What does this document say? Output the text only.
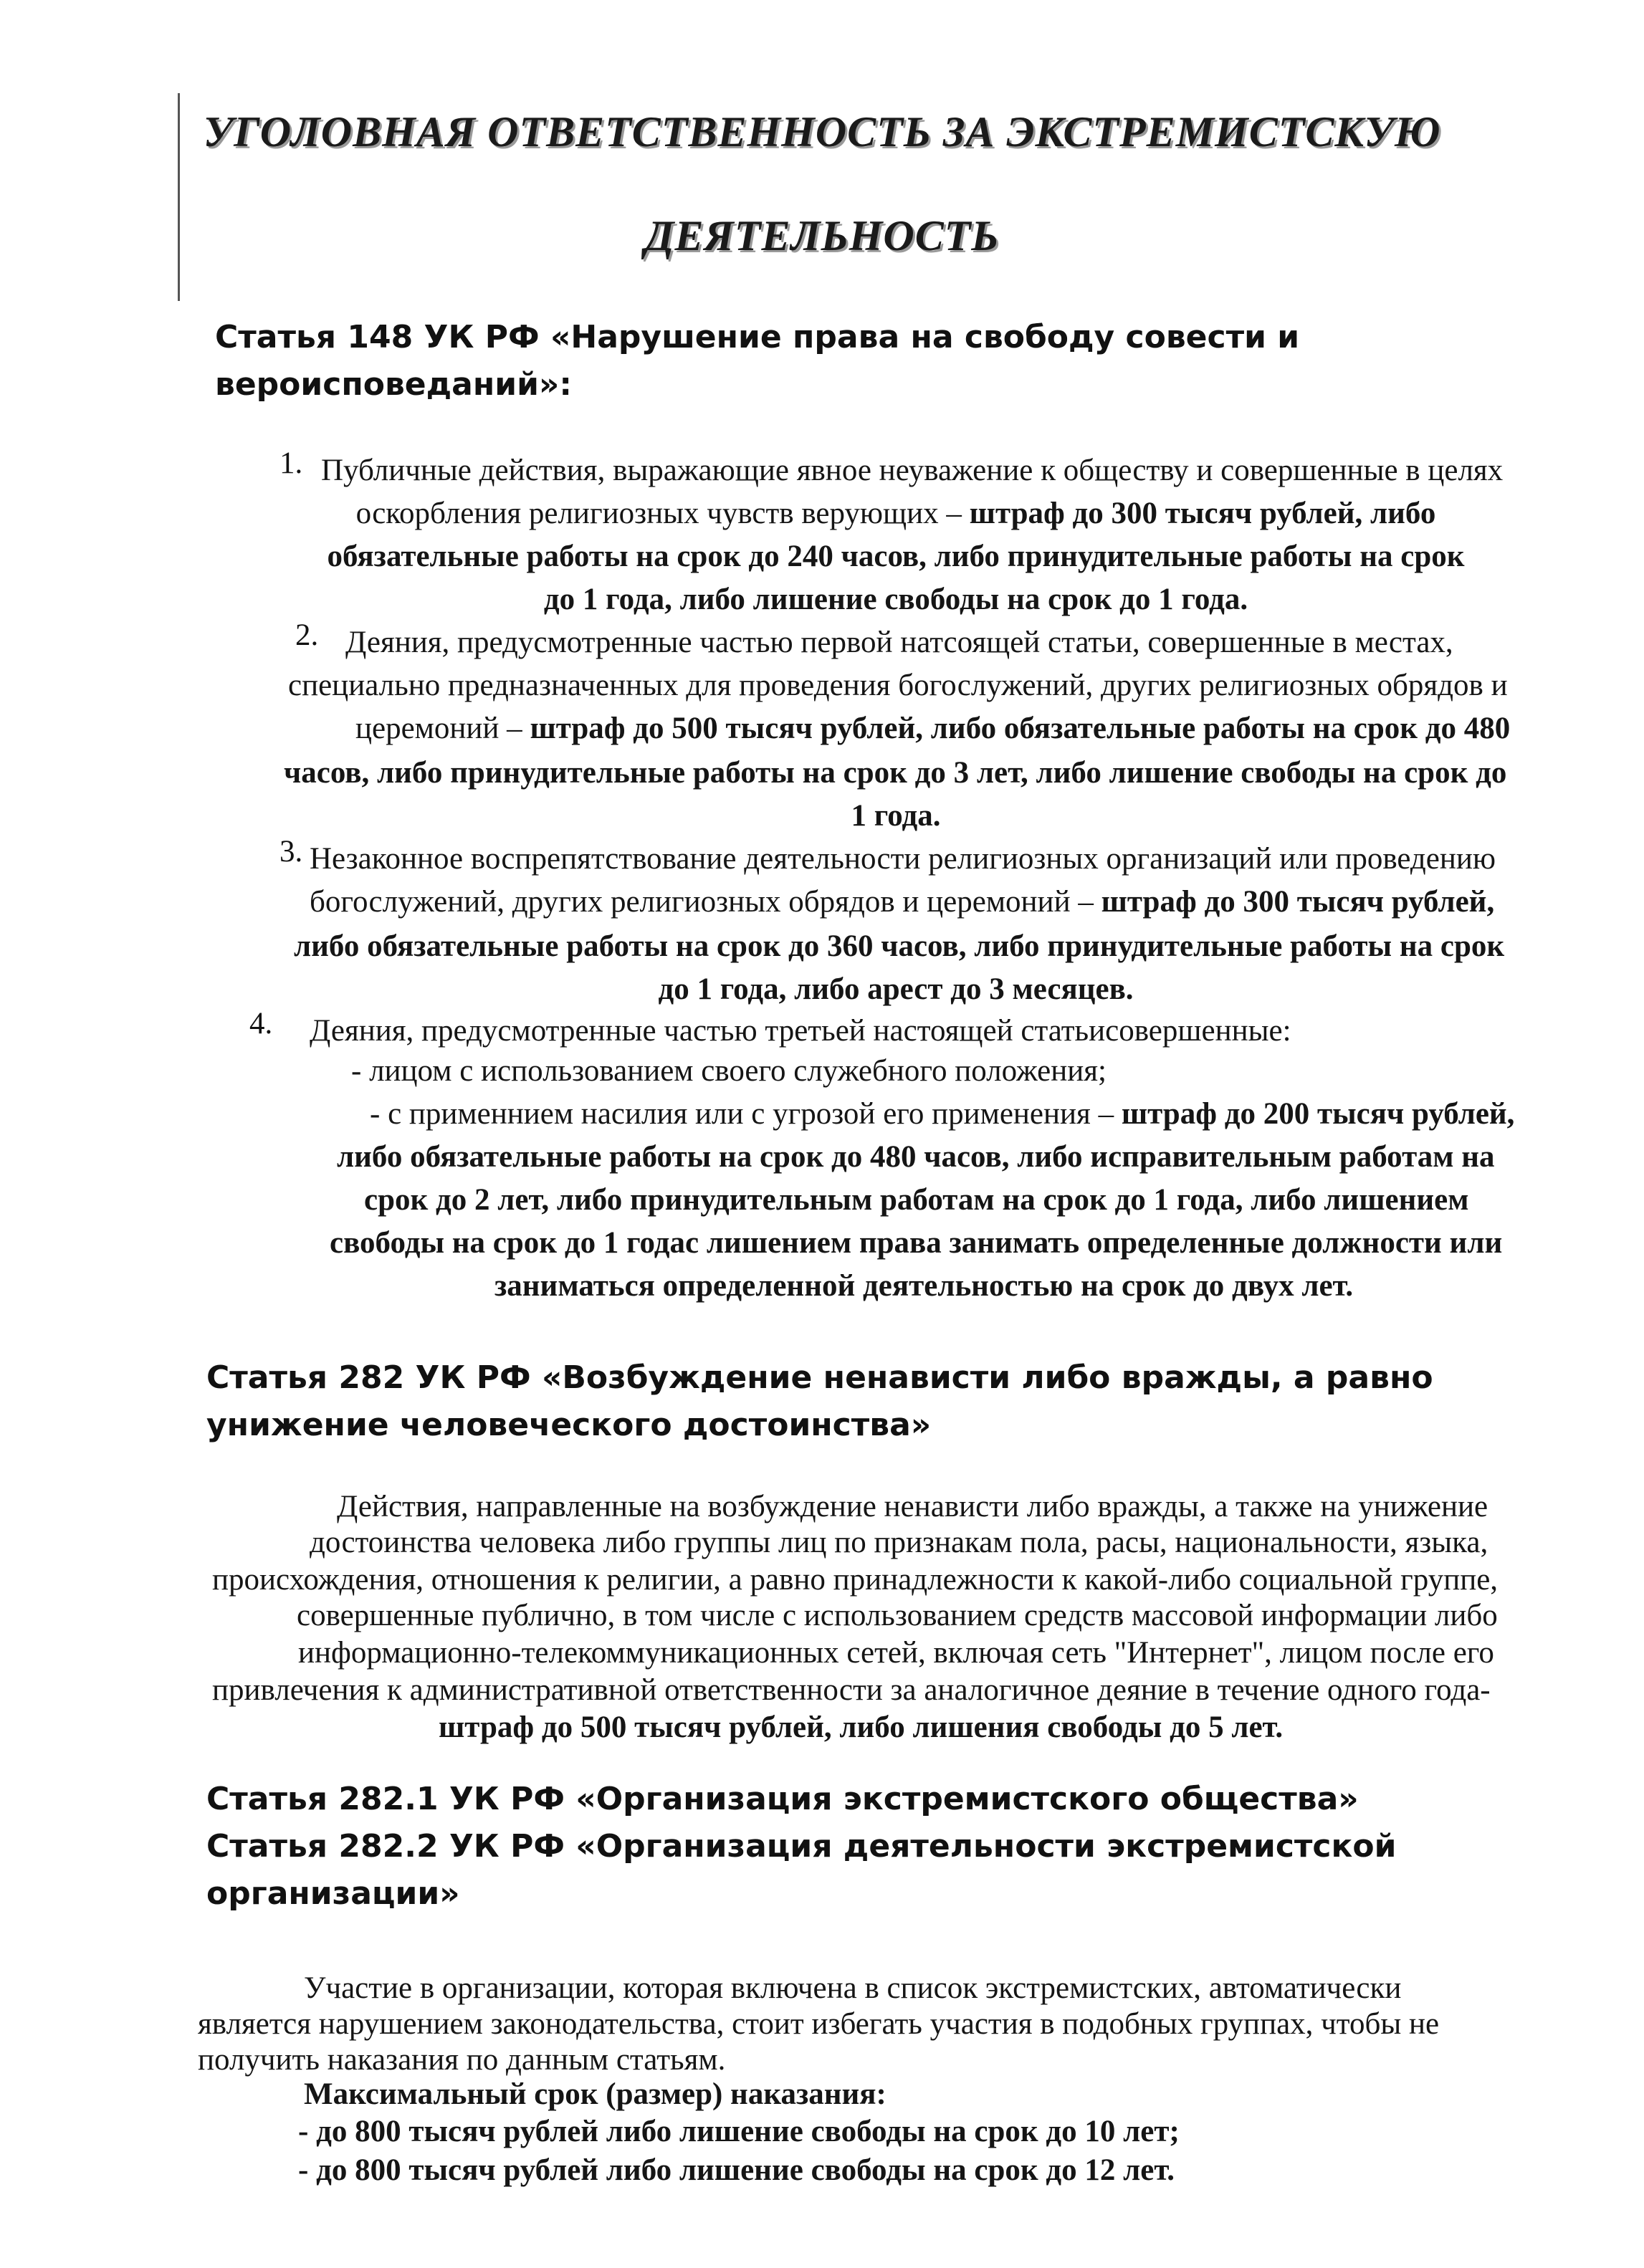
УГОЛОВНАЯ ОТВЕТСТВЕННОСТЬ ЗА ЭКСТРЕМИСТСКУЮ
ДЕЯТЕЛЬНОСТЬ
Статья 148 УК РФ «Нарушение права на свободу совести и
вероисповеданий»:
1. Публичные действия, выражающие явное неуважение к обществу и совершенные в целях
оскорбления религиозных чувств верующих – штраф до 300 тысяч рублей, либо
обязательные работы на срок до 240 часов, либо принудительные работы на срок
до 1 года, либо лишение свободы на срок до 1 года.
2. Деяния, предусмотренные частью первой натсоящей статьи, совершенные в местах,
специально предназначенных для проведения богослужений, других религиозных обрядов и
церемоний – штраф до 500 тысяч рублей, либо обязательные работы на срок до 480
часов, либо принудительные работы на срок до 3 лет, либо лишение свободы на срок до
1 года.
3. Незаконное воспрепятствование деятельности религиозных организаций или проведению
богослужений, других религиозных обрядов и церемоний – штраф до 300 тысяч рублей,
либо обязательные работы на срок до 360 часов, либо принудительные работы на срок
до 1 года, либо арест до 3 месяцев.
4. Деяния, предусмотренные частью третьей настоящей статьисовершенные:
- лицом с использованием своего служебного положения;
- с применнием насилия или с угрозой его применения – штраф до 200 тысяч рублей,
либо обязательные работы на срок до 480 часов, либо исправительным работам на
срок до 2 лет, либо принудительным работам на срок до 1 года, либо лишением
свободы на срок до 1 годас лишением права занимать определенные должности или
заниматься определенной деятельностью на срок до двух лет.
Статья 282 УК РФ «Возбуждение ненависти либо вражды, а равно
унижение человеческого достоинства»
Действия, направленные на возбуждение ненависти либо вражды, а также на унижение
достоинства человека либо группы лиц по признакам пола, расы, национальности, языка,
происхождения, отношения к религии, а равно принадлежности к какой-либо социальной группе,
совершенные публично, в том числе с использованием средств массовой информации либо
информационно-телекоммуникационных сетей, включая сеть "Интернет", лицом после его
привлечения к административной ответственности за аналогичное деяние в течение одного года-
штраф до 500 тысяч рублей, либо лишения свободы до 5 лет.
Статья 282.1 УК РФ «Организация экстремистского общества»
Статья 282.2 УК РФ «Организация деятельности экстремистской
организации»
Участие в организации, которая включена в список экстремистских, автоматически
является нарушением законодательства, стоит избегать участия в подобных группах, чтобы не
получить наказания по данным статьям.
Максимальный срок (размер) наказания:
- до 800 тысяч рублей либо лишение свободы на срок до 10 лет;
- до 800 тысяч рублей либо лишение свободы на срок до 12 лет.
